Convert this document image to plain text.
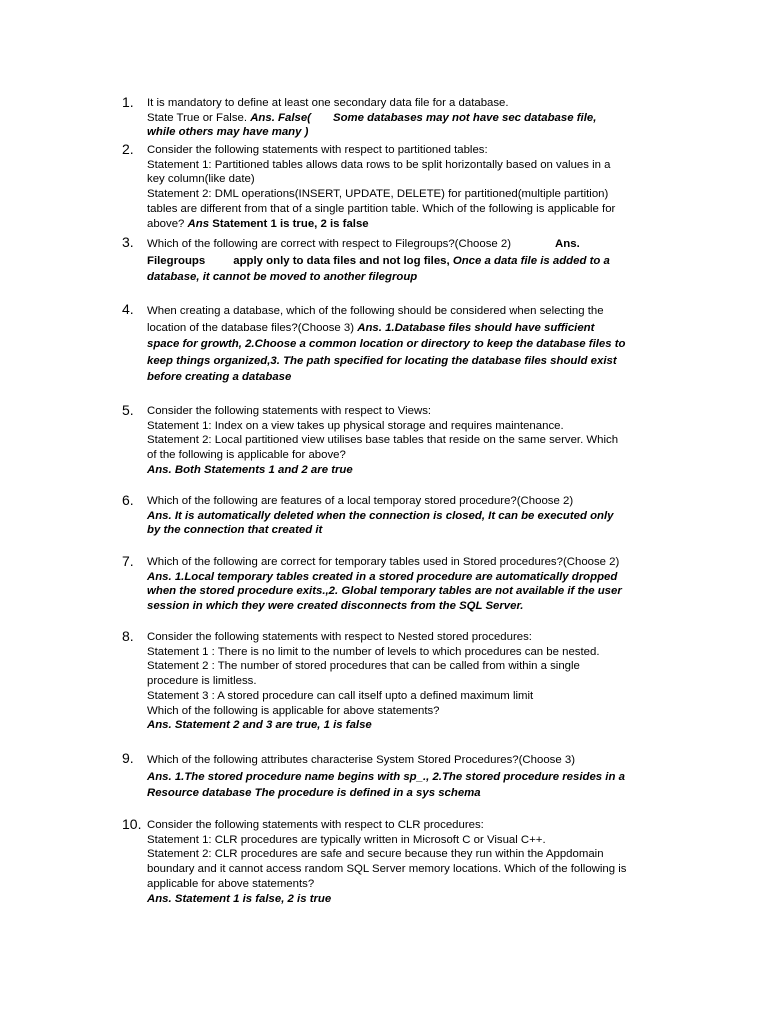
1. It is mandatory to define at least one secondary data file for a database.
State True or False. Ans. False( Some databases may not have sec database file,
while others may have many )
2. Consider the following statements with respect to partitioned tables:
Statement 1: Partitioned tables allows data rows to be split horizontally based on values in a
key column(like date)
Statement 2: DML operations(INSERT, UPDATE, DELETE) for partitioned(multiple partition)
tables are different from that of a single partition table. Which of the following is applicable for
above? Ans Statement 1 is true, 2 is false
3. Which of the following are correct with respect to Filegroups?(Choose 2)	Ans.
Filegroups apply only to data files and not log files, Once a data file is added to a
database, it cannot be moved to another filegroup
4. When creating a database, which of the following should be considered when selecting the
location of the database files?(Choose 3) Ans. 1.Database files should have sufficient
space for growth, 2.Choose a common location or directory to keep the database files to
keep things organized,3. The path specified for locating the database files should exist
before creating a database
5. Consider the following statements with respect to Views:
Statement 1: Index on a view takes up physical storage and requires maintenance.
Statement 2: Local partitioned view utilises base tables that reside on the same server. Which
of the following is applicable for above?
Ans. Both Statements 1 and 2 are true
6. Which of the following are features of a local temporay stored procedure?(Choose 2)
Ans. It is automatically deleted when the connection is closed, It can be executed only
by the connection that created it
7. Which of the following are correct for temporary tables used in Stored procedures?(Choose 2)
Ans. 1.Local temporary tables created in a stored procedure are automatically dropped
when the stored procedure exits.,2. Global temporary tables are not available if the user
session in which they were created disconnects from the SQL Server.
8. Consider the following statements with respect to Nested stored procedures:
Statement 1 : There is no limit to the number of levels to which procedures can be nested.
Statement 2 : The number of stored procedures that can be called from within a single
procedure is limitless.
Statement 3 : A stored procedure can call itself upto a defined maximum limit
Which of the following is applicable for above statements?
Ans. Statement 2 and 3 are true, 1 is false
9. Which of the following attributes characterise System Stored Procedures?(Choose 3)
Ans. 1.The stored procedure name begins with sp_., 2.The stored procedure resides in a
Resource database The procedure is defined in a sys schema
10. Consider the following statements with respect to CLR procedures:
Statement 1: CLR procedures are typically written in Microsoft C or Visual C++.
Statement 2: CLR procedures are safe and secure because they run within the Appdomain
boundary and it cannot access random SQL Server memory locations. Which of the following is
applicable for above statements?
Ans. Statement 1 is false, 2 is true
